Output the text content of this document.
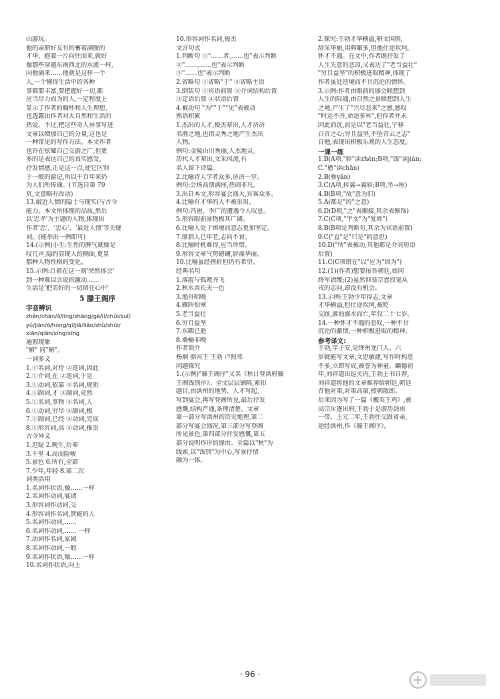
山游玩。
他的亲朋好友有的蓄着满腹的
才华、抱着一片向往而来,就好
像那些穿越东南西北的水流一样,
向他涌来……他就是这样一个
人,一个懂得生活中的各种
事都要丰富,要把握好一切,都
应当尽力而为的人,一定程度上
显示了作者的胸怀和人生理想,
也透露出作者对大自然和生活的
热爱。不过,把这些奇人异事写进
文章以增加自己的分量,这也是
一种常见的写作方法。本文作者
也许在炫耀自己交游之广,但更
多的是表达自己的真实感受,
抒发情感,正是这一点,使它区别
于一般的游记,所以千百年来仍
为人们所传诵。(节选自第 79
页,文意略有改动)
13.敲近人情的隐士与现实(与古今
能力。本文所体现的品质,然后
以'忠孝'为主题的人物,体现出
作者'忠'、'忠心'、'最近人情'等关键
词。(能举出一例即可)
14.(示例)小生:生性的脾气就像是
叹几声,隐约显现人的侧面,更显
那种人物性格的变化。
15.示例:吕祖在这一刻'突然体会'
到一种难以言说的激动……
生活是'把美好的一切留在心中'
5 滕王阁序
字音辨识
zhěn/chān/ǒ/líng/zhāng/gé/ìl/chǔi/suǐ/
yǔ/jiān/ǒ/hóng/qǐ/jiǎ/liǎo/shū/shǔi/
xiān/qiān/xíng/xīng
通假现象
"俯" 同"俯"。
一词多义
1.①名词,对待 ②连词,因此
2.①介词,在 ②连词,于是
3.①动词,依靠 ②名词,规矩
4.①副词,才 ②副词,竟然
5.①名词,事物 ②名词,人
6.①动词,穷尽 ②副词,极
7.①副词,已经 ②动词,完成
8.①形容词,高 ②动词,推崇
古今异义
1.迟疑 2.晚生,后辈
3.千里 4.高而险峻
5.景色 6.所有,全部
7.少年,年轻 8.第二次
词类活用
1.名词作状语,像……一样
2.名词作动词,宴请
3.形容词作动词,交
4.形容词作名词,贤能的人
5.名词作动词,……
6.名词作动词,…… 一样
7.动词作名词,家园
8.名词作动词,一般
9.名词作状语,像……一样
10.名词作状语,向上
10.形容词作名词,俊杰
文言句式
1.判断句 ①"……者,……也"表示判断
②"……,……也"表示判断
③"……也"表示判断
2.省略句 ①省略"于" ②省略主语
3.倒装句 ①宾语前置 ②介词结构后置
③定语后置 ④状语后置
4.被动句 "为""于""见"表被动
熟语积累
1.杰出的人才,俊杰辈出,人才济济
名胜之地,也指灵秀之地产生杰出
人物。
例句:金陵山川秀丽,人杰地灵,
历代人才辈出,文采风流,有
名人留下诗篇。
2.比喻诗人学者众多,济济一堂。
例句:会场高朋满座,热闹非凡。
3.出自本文,形容宴会盛大,宾客众多。
4.比喻有才华的人不被重用。
例句:冯唐、李广的遭遇令人叹息。
5.形容眼前景物极其广阔。
6.比喻人处于困境而意志更加坚定。
7.原指人已年老,志向不衰。
8.比喻时机难得,应当珍惜。
9.形容文章气势磅礴,辞藻华丽。
10.比喻虽经挫折但仍有希望。
经典名句
1.落霞与孤鹜齐飞
2.秋水共长天一色
3.渔舟唱晚
4.雁阵惊寒
5.老当益壮
6.穷且益坚
7.东隅已逝
8.桑榆非晚
作者简介
杨炯 骆宾王 王勃 卢照邻
问题探究
1.(示例)"滕王阁序"又名《秋日登洪府滕
王阁饯别序》。全文层层铺陈,紧扣
题目,由洪州的地势、人才写起,
写到宴会,再写登阁所见,最后抒发
感慨,结构严谨,条理清楚。文章
第一部分写洪州的历史地理,第二
部分写宴会盛况,第三部分写登阁
所见景色,第四部分抒发感慨,第五
部分说明作序的缘由。全篇以"秋"为
线索,以"饯别"为中心,写景抒情
融为一体。
2.探究:王勃才华横溢,骈文国胜,
辞采华丽,用典繁多,但他仕途坎坷,
怀才不遇。在文中,作者既抒发了
人生失意的悲凉,又表达了"老当益壮"
"穷且益坚"的积极进取精神,体现了
作者虽处逆境而不甘沉沦的情怀。
3.示例:作者由眼前的盛会联想到
人生的际遇,由自然之景联想到人生
之境,产生了"兴尽悲来"之感,感叹
"时运不齐,命途多舛",但作者并未
因此消沉,而是以"老当益壮,宁移
白首之心;穷且益坚,不坠青云之志"
自勉,表现出积极乐观的人生态度。
一课一练
1.B(A项,"轸"读zhěn;B项,"饯"读jiàn;
C."襜"读chān)
2.B(骖yǎn)
3.C(A项,轸翼→翼轸;B项,坐→座)
4.B(B项,"故"意为旧)
5.A(都是"的"之意)
6.D(D项,"之"表顺接,其余表修饰)
7.C(C项,"宇文"为"复姓")
8.B(B项是判断句,其余为宾语前置)
9.C("直"是"只是"的意思)
10.D("所"表被动,其他都是介宾短语
后置)
11.C(C项错在"以"应为"因为")
12.(1)(作者)想要报答朝廷,如同
终军请缨;(2)虽然仰慕宗悫投笔从
戎的志向,却没有机会。
13.示例:王勃少年得志,文章
才华横溢,但仕途坎坷,被贬
交趾,渡海溺水而亡,年仅二十七岁。
14.一种怀才不遇的悲叹,一种不甘
沉沦的激情,一种积极进取的精神。
参考译文:
王勃,字子安,是绛州龙门人。六
岁就能写文章,文思敏捷,写作时构思
不多,立即写成,被誉为神童。麟德初
年,刘祥道出巡关内,王勃上书自荐,
刘祥道将他的文章推荐给朝廷,朝廷
召他对策,对策高第,授朝散郎。
后来因为写了一篇《檄英王鸡》,被
高宗斥逐出府,王勃于是游历剑南
一带。上元二年,王勃往交趾省亲,
途经洪州,作《滕王阁序》。
· 96 ·
